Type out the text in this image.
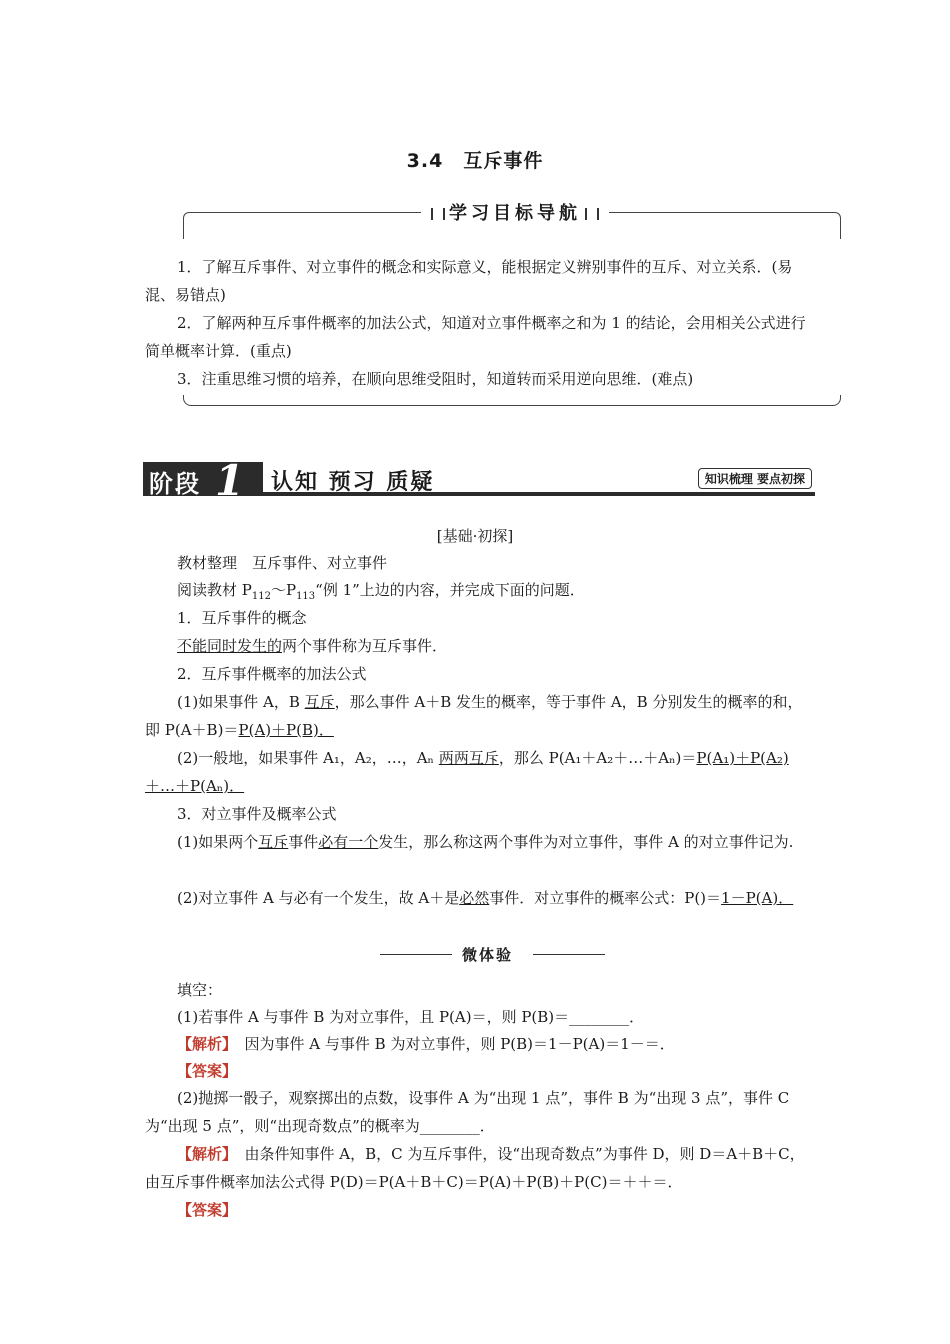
3.4 互斥事件
学习目标导航
1．了解互斥事件、对立事件的概念和实际意义，能根据定义辨别事件的互斥、对立关系．(易混、易错点)
2．了解两种互斥事件概率的加法公式，知道对立事件概率之和为 1 的结论，会用相关公式进行简单概率计算．(重点)
3．注重思维习惯的培养，在顺向思维受阻时，知道转而采用逆向思维．(难点)
阶段 1 认知 预习 质疑	知识梳理 要点初探
[基础·初探]
教材整理　互斥事件、对立事件
阅读教材 $P_{112}\sim P_{113}“$例 1”上边的内容，并完成下面的问题．
1．互斥事件的概念
不能同时发生的两个事件称为互斥事件．
2．互斥事件概率的加法公式
(1)如果事件 A，B 互斥，那么事件 A＋B 发生的概率，等于事件 A，B 分别发生的概率的和，即 P(A＋B)＝P(A)＋P(B)．
(2)一般地，如果事件 A₁，A₂，…，Aₙ 两两互斥，那么 P(A₁＋A₂＋…＋Aₙ)＝P(A₁)＋P(A₂)＋…＋P(Aₙ)．
3．对立事件及概率公式
(1)如果两个互斥事件必有一个发生，那么称这两个事件为对立事件，事件 A 的对立事件记为.
(2)对立事件 A 与必有一个发生，故 A＋是必然事件．对立事件的概率公式：P()＝1－P(A)．
微体验
填空：
(1)若事件 A 与事件 B 为对立事件，且 P(A)＝，则 P(B)＝________．
【解析】　因为事件 A 与事件 B 为对立事件，则 P(B)＝1－P(A)＝1－＝．
【答案】
(2)抛掷一骰子，观察掷出的点数，设事件 A 为“出现 1 点”，事件 B 为“出现 3 点”，事件 C 为“出现 5 点”，则“出现奇数点”的概率为________．
【解析】　由条件知事件 A，B，C 为互斥事件，设“出现奇数点”为事件 D，则 D＝A＋B＋C，由互斥事件概率加法公式得 P(D)＝P(A＋B＋C)＝P(A)＋P(B)＋P(C)＝＋＋＝．
【答案】
